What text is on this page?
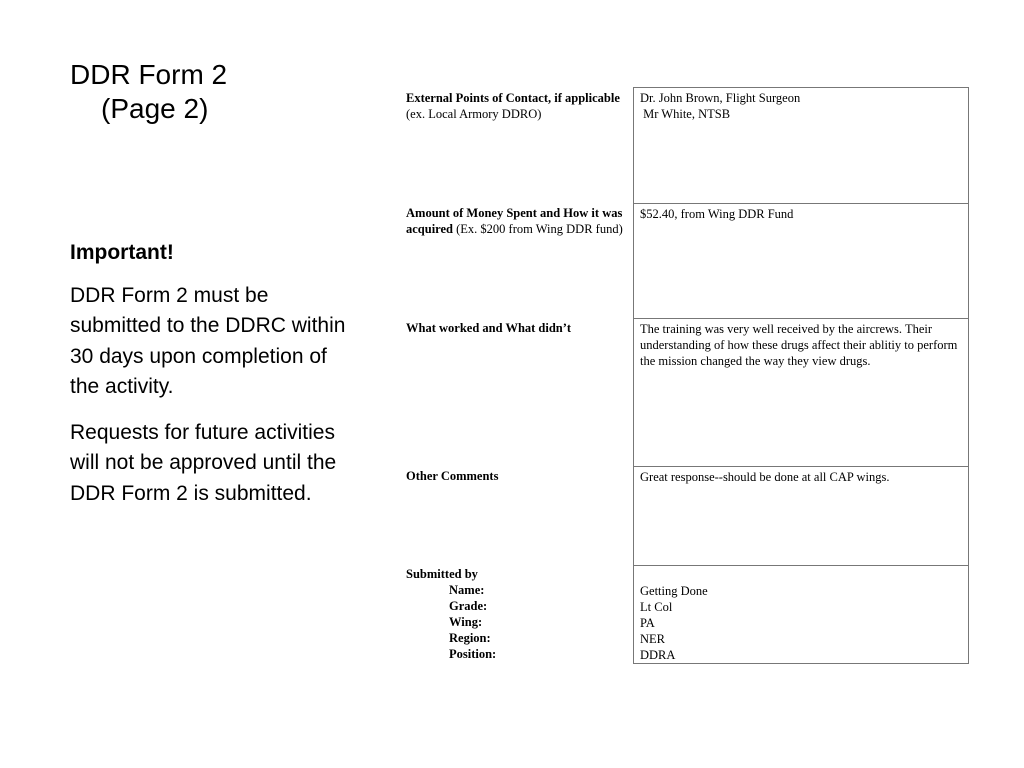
DDR Form 2
(Page 2)

Important!

DDR Form 2 must be submitted to the DDRC within 30 days upon completion of the activity.

Requests for future activities will not be approved until the DDR Form 2 is submitted.

External Points of Contact, if applicable
(ex. Local Armory DDRO)
Dr. John Brown, Flight Surgeon
Mr White, NTSB
Amount of Money Spent and How it was acquired (Ex. $200 from Wing DDR fund)
$52.40, from Wing DDR Fund
What worked and What didn’t	The training was very well received by the aircrews. Their understanding of how these drugs affect their ablitiy to perform the mission changed the way they view drugs.
Other Comments	Great response--should be done at all CAP wings.
Submitted by
Name:
Grade:
Wing:
Region:
Position:
Getting Done
Lt Col
PA
NER
DDRA
